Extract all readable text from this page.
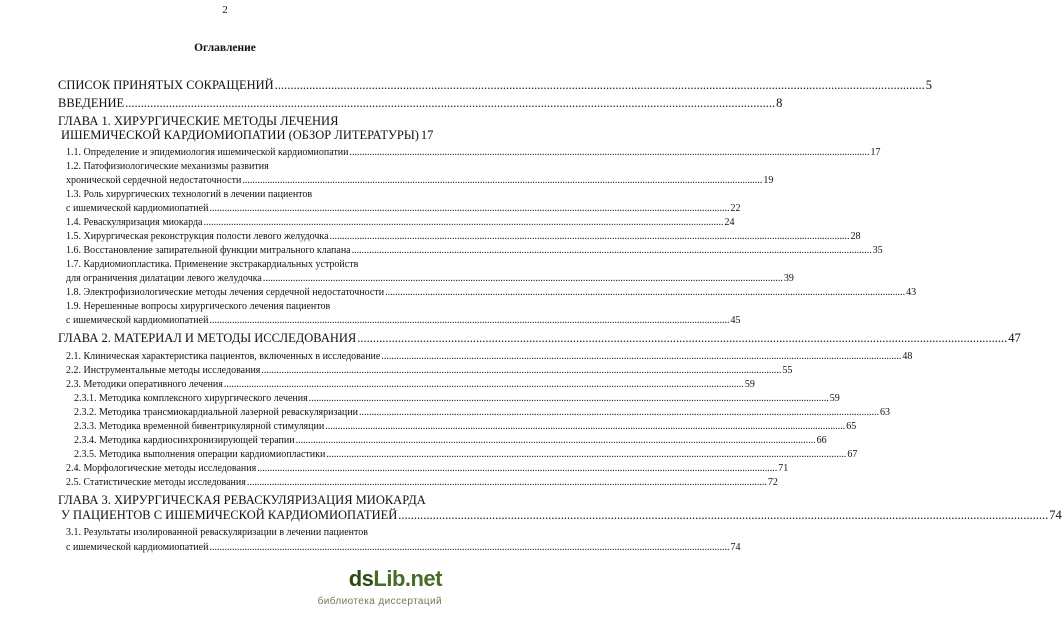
2
Оглавление
СПИСОК ПРИНЯТЫХ СОКРАЩЕНИЙ .....	5
ВВЕДЕНИЕ .....	8
ГЛАВА 1. ХИРУРГИЧЕСКИЕ МЕТОДЫ ЛЕЧЕНИЯ
ИШЕМИЧЕСКОЙ КАРДИОМИОПАТИИ (ОБЗОР ЛИТЕРАТУРЫ) 17
1.1. Определение и эпидемиология ишемической кардиомиопатии .....	17
1.2. Патофизиологические механизмы развития
хронической сердечной недостаточности .....	19
1.3. Роль хирургических технологий в лечении пациентов
с ишемической кардиомиопатией .....	22
1.4. Реваскуляризация миокарда .....	24
1.5. Хирургическая реконструкция полости левого желудочка .....	28
1.6. Восстановление запирательной функции митрального клапана .....	35
1.7. Кардиомиопластика. Применение экстракардиальных устройств
для ограничения дилатации левого желудочка .....	39
1.8. Электрофизиологические методы лечения сердечной недостаточности .....	43
1.9. Нерешенные вопросы хирургического лечения пациентов
с ишемической кардиомиопатией .....	45
ГЛАВА 2. МАТЕРИАЛ И МЕТОДЫ ИССЛЕДОВАНИЯ .....	47
2.1. Клиническая характеристика пациентов, включенных в исследование .....	48
2.2. Инструментальные методы исследования .....	55
2.3. Методики оперативного лечения .....	59
2.3.1. Методика комплексного хирургического лечения .....	59
2.3.2. Методика трансмиокардиальной лазерной реваскуляризации .....	63
2.3.3. Методика временной бивентрикулярной стимуляции .....	65
2.3.4. Методика кардиосинхронизирующей терапии .....	66
2.3.5. Методика выполнения операции кардиомиопластики .....	67
2.4. Морфологические методы исследования .....	71
2.5. Статистические методы исследования .....	72
ГЛАВА 3. ХИРУРГИЧЕСКАЯ РЕВАСКУЛЯРИЗАЦИЯ МИОКАРДА
У ПАЦИЕНТОВ С ИШЕМИЧЕСКОЙ КАРДИОМИОПАТИЕЙ .....	74
3.1. Результаты изолированной реваскуляризации в лечении пациентов
с ишемической кардиомиопатией .....	74
dsLib.net
библиотека диссертаций
